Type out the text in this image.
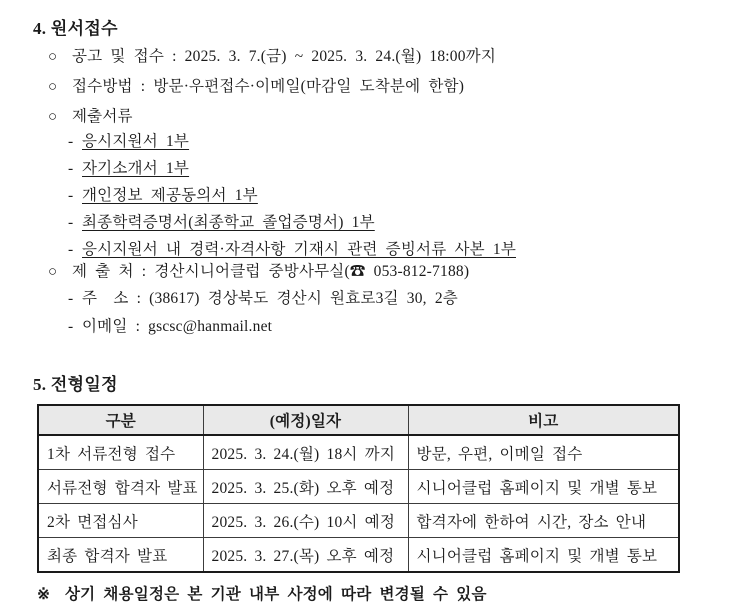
4. 원서접수
○ 공고 및 접수 : 2025. 3. 7.(금) ~ 2025. 3. 24.(월) 18:00까지
○ 접수방법 : 방문·우편접수·이메일(마감일 도착분에 한함)
○ 제출서류
- 응시지원서 1부
- 자기소개서 1부
- 개인정보 제공동의서 1부
- 최종학력증명서(최종학교 졸업증명서) 1부
- 응시지원서 내 경력·자격사항 기재시 관련 증빙서류 사본 1부
○ 제 출 처 : 경산시니어클럽 중방사무실(☎ 053-812-7188)
- 주  소 : (38617) 경상북도 경산시 원효로3길 30, 2층
- 이메일 : gscsc@hanmail.net
5. 전형일정
구분	(예정)일자	비고
1차 서류전형 접수	2025. 3. 24.(월) 18시 까지	방문, 우편, 이메일 접수
서류전형 합격자 발표	2025. 3. 25.(화) 오후 예정	시니어클럽 홈페이지 및 개별 통보
2차 면접심사	2025. 3. 26.(수) 10시 예정	합격자에 한하여 시간, 장소 안내
최종 합격자 발표	2025. 3. 27.(목) 오후 예정	시니어클럽 홈페이지 및 개별 통보
※ 상기 채용일정은 본 기관 내부 사정에 따라 변경될 수 있음
